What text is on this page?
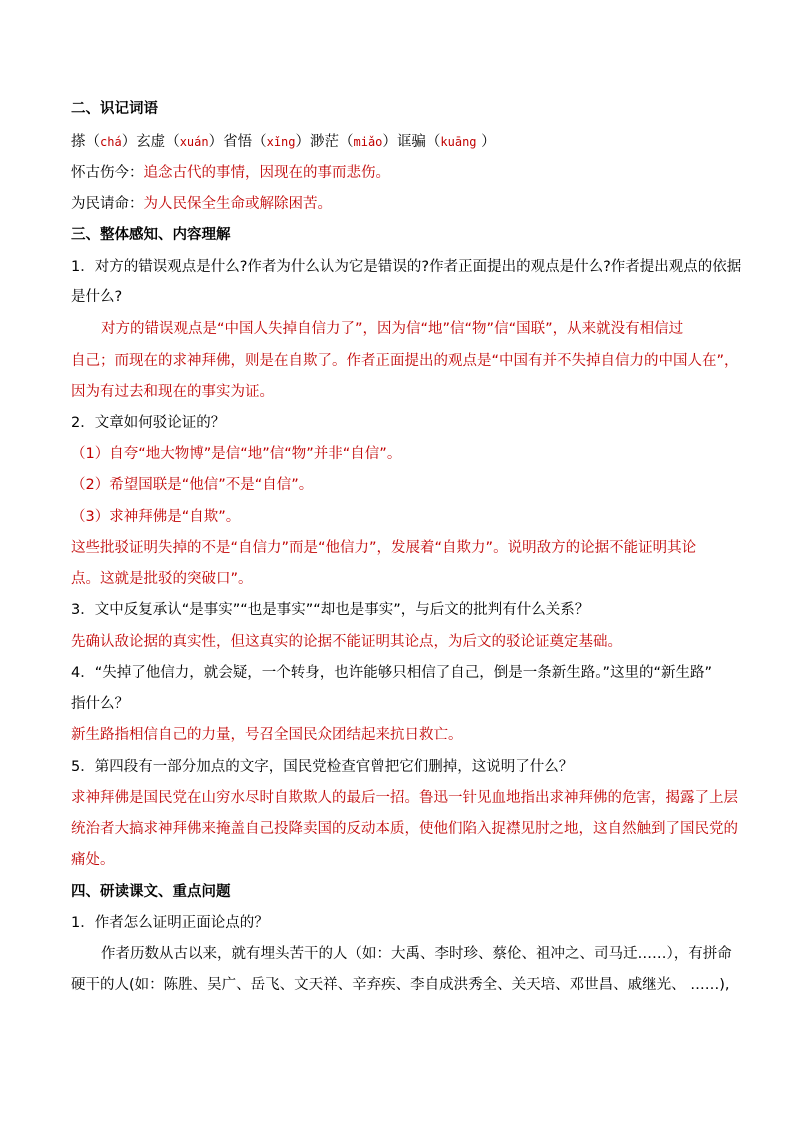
二、识记词语
搽（chá）玄虚（xuán）省悟（xǐng）渺茫（miǎo）诓骗（kuāng ）
怀古伤今：追念古代的事情，因现在的事而悲伤。
为民请命：为人民保全生命或解除困苦。
三、整体感知、内容理解
1．对方的错误观点是什么?作者为什么认为它是错误的?作者正面提出的观点是什么?作者提出观点的依据
是什么?
对方的错误观点是“中国人失掉自信力了”，因为信“地”信“物”信“国联”，从来就没有相信过
自己；而现在的求神拜佛，则是在自欺了。作者正面提出的观点是“中国有并不失掉自信力的中国人在”，
因为有过去和现在的事实为证。
2．文章如何驳论证的？
（1）自夸“地大物博”是信“地”信“物”并非“自信”。
（2）希望国联是“他信”不是“自信”。
（3）求神拜佛是“自欺”。
这些批驳证明失掉的不是“自信力”而是“他信力”，发展着“自欺力”。说明敌方的论据不能证明其论
点。这就是批驳的突破口”。
3．文中反复承认“是事实”“也是事实”“却也是事实”，与后文的批判有什么关系？
先确认敌论据的真实性，但这真实的论据不能证明其论点，为后文的驳论证奠定基础。
4．“失掉了他信力，就会疑，一个转身，也许能够只相信了自己，倒是一条新生路。”这里的“新生路”
指什么？
新生路指相信自己的力量，号召全国民众团结起来抗日救亡。
5．第四段有一部分加点的文字，国民党检查官曾把它们删掉，这说明了什么？
求神拜佛是国民党在山穷水尽时自欺欺人的最后一招。鲁迅一针见血地指出求神拜佛的危害，揭露了上层
统治者大搞求神拜佛来掩盖自己投降卖国的反动本质，使他们陷入捉襟见肘之地，这自然触到了国民党的
痛处。
四、研读课文、重点问题
1．作者怎么证明正面论点的？
作者历数从古以来，就有埋头苦干的人（如：大禹、李时珍、蔡伦、祖冲之、司马迁……），有拼命
硬干的人(如：陈胜、吴广、岳飞、文天祥、辛弃疾、李自成洪秀全、关天培、邓世昌、戚继光、 ……),
